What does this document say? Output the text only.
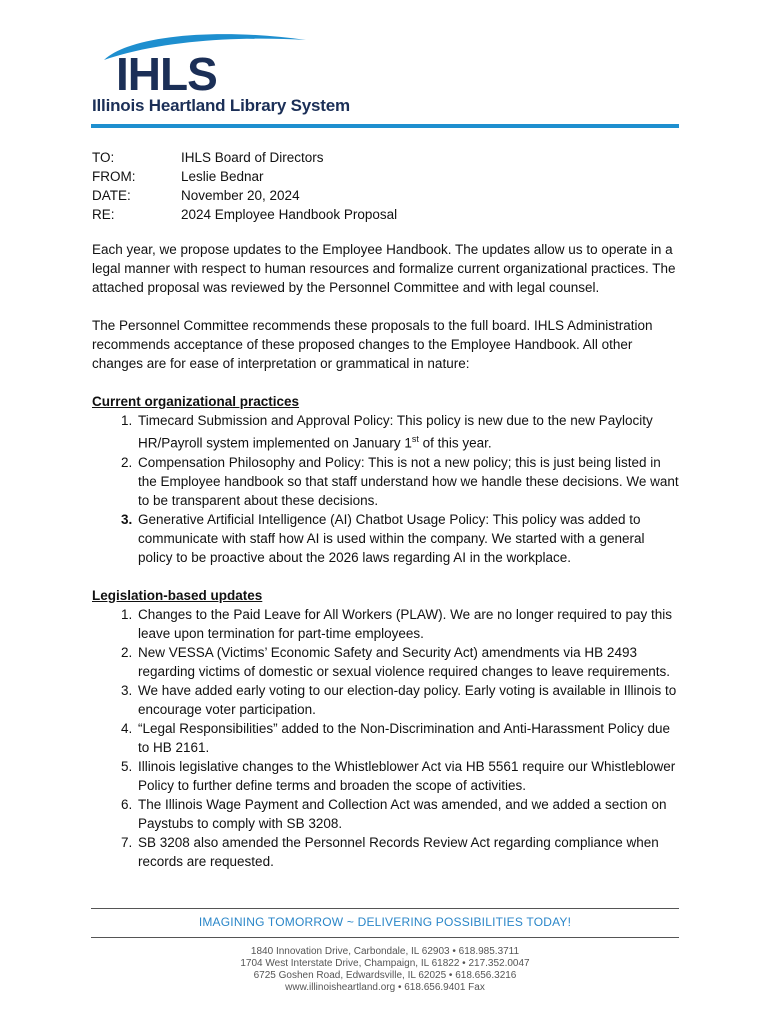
IHLS
Illinois Heartland Library System
TO:	IHLS Board of Directors
FROM:	Leslie Bednar
DATE:	November 20, 2024
RE:	2024 Employee Handbook Proposal

Each year, we propose updates to the Employee Handbook. The updates allow us to operate in a legal manner with respect to human resources and formalize current organizational practices. The attached proposal was reviewed by the Personnel Committee and with legal counsel.

The Personnel Committee recommends these proposals to the full board. IHLS Administration recommends acceptance of these proposed changes to the Employee Handbook. All other changes are for ease of interpretation or grammatical in nature:

Current organizational practices
1. Timecard Submission and Approval Policy: This policy is new due to the new Paylocity HR/Payroll system implemented on January 1st of this year.
2. Compensation Philosophy and Policy: This is not a new policy; this is just being listed in the Employee handbook so that staff understand how we handle these decisions. We want to be transparent about these decisions.
3. Generative Artificial Intelligence (AI) Chatbot Usage Policy: This policy was added to communicate with staff how AI is used within the company. We started with a general policy to be proactive about the 2026 laws regarding AI in the workplace.
Legislation-based updates
1. Changes to the Paid Leave for All Workers (PLAW). We are no longer required to pay this leave upon termination for part-time employees.
2. New VESSA (Victims’ Economic Safety and Security Act) amendments via HB 2493 regarding victims of domestic or sexual violence required changes to leave requirements.
3. We have added early voting to our election-day policy. Early voting is available in Illinois to encourage voter participation.
4. “Legal Responsibilities” added to the Non-Discrimination and Anti-Harassment Policy due to HB 2161.
5. Illinois legislative changes to the Whistleblower Act via HB 5561 require our Whistleblower Policy to further define terms and broaden the scope of activities.
6. The Illinois Wage Payment and Collection Act was amended, and we added a section on Paystubs to comply with SB 3208.
7. SB 3208 also amended the Personnel Records Review Act regarding compliance when records are requested.
IMAGINING TOMORROW ~ DELIVERING POSSIBILITIES TODAY!
1840 Innovation Drive, Carbondale, IL 62903 • 618.985.3711
1704 West Interstate Drive, Champaign, IL 61822 • 217.352.0047
6725 Goshen Road, Edwardsville, IL 62025 • 618.656.3216
www.illinoisheartland.org • 618.656.9401 Fax
